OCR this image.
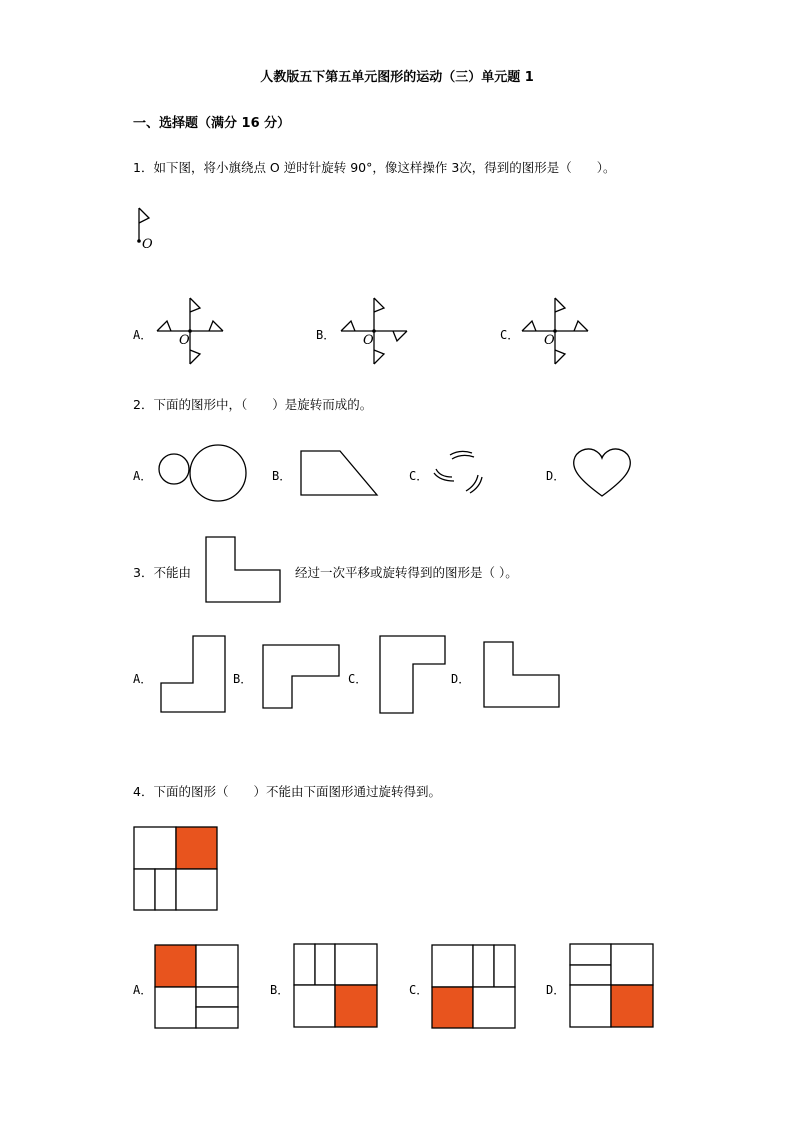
人教版五下第五单元图形的运动（三）单元题 1
一、选择题（满分 16 分）
1．如下图，将小旗绕点 O 逆时针旋转 90°，像这样操作 3次，得到的图形是（　　）。
O
A． O	B． O	C． O
2．下面的图形中，（　　）是旋转而成的。
A．	B．	C．	D．
3．不能由	经过一次平移或旋转得到的图形是（ ）。
A．	B．	C．	D．
4．下面的图形（　　）不能由下面图形通过旋转得到。
A．	B．	C．	D．
